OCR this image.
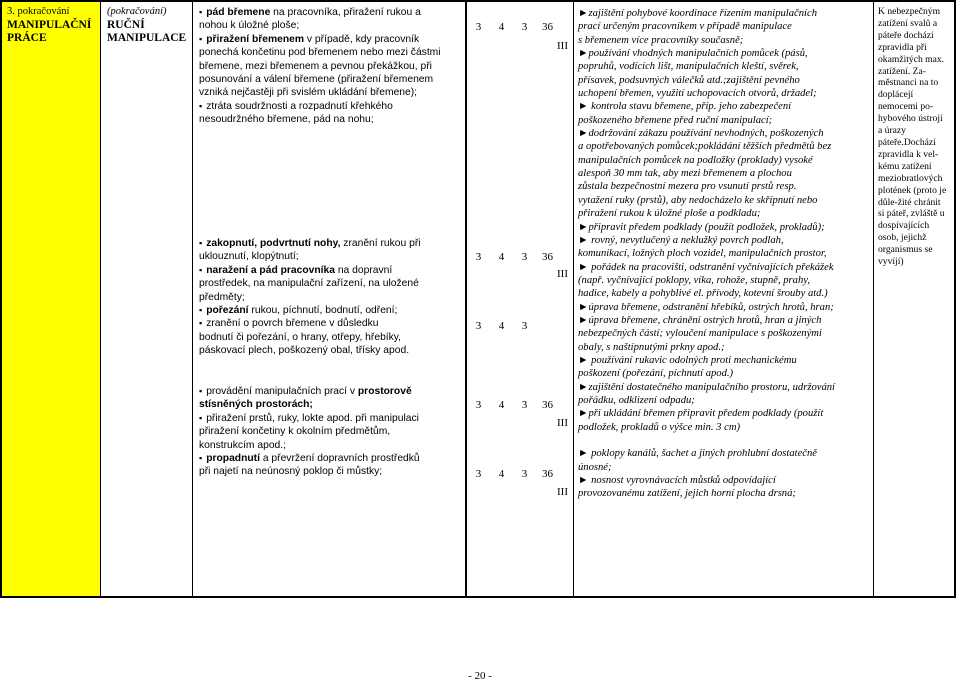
3. pokračování
MANIPULAČNÍ
PRÁCE
(pokračování)
RUČNÍ
MANIPULACE

▪ pád břemene na pracovníka, přiražení rukou a

nohou k úložné ploše;

▪ přiražení břemenem v případě, kdy pracovník

ponechá končetinu pod břemenem nebo mezi částmi

břemene, mezi břemenem a pevnou překážkou, při

posunování a válení břemene (přiražení břemenem

vzniká nejčastěji při svislém ukládání břemene);

▪ ztráta soudržnosti a rozpadnutí křehkého

nesoudržného břemene, pád na nohu;

▪ zakopnutí, podvrtnutí nohy, zranění rukou při

uklouznutí, klopýtnutí;

▪ naražení a pád pracovníka na dopravní

prostředek, na manipulační zařízení, na uložené

předměty;

▪ pořezání rukou, píchnutí, bodnutí, odření;

▪ zranění o povrch břemene v důsledku

bodnutí či pořezání, o hrany, otřepy, hřebíky,

páskovací plech, poškozený obal, třísky apod.

▪ provádění manipulačních prací v prostorově

stísněných prostorách;

▪ přiražení prstů, ruky, lokte apod. při manipulaci

přiražení končetiny k okolním předmětům,

konstrukcím apod.;

▪ propadnutí a převržení dopravních prostředků

při najetí na neúnosný poklop či můstky;

3 4 3 36
III
3 4 3 36
III
3 4 3
3 4 3 36
III
3 4 3 36
III

►zajištění pohybové koordinace řízením manipulačních

prací určeným pracovníkem v případě manipulace

s břemenem více pracovníky současně;

►používání vhodných manipulačních pomůcek (pásů,

popruhů, vodících lišt, manipulačních kleští, svěrek,

přísavek, podsuvných válečků atd.;zajištění pevného

uchopení břemen, využití uchopovacích otvorů, držadel;

► kontrola stavu břemene, příp. jeho zabezpečení

poškozeného břemene před ruční manipulací;

►dodržování zákazu používání nevhodných, poškozených

a opotřebovaných pomůcek;pokládání těžších předmětů bez

manipulačních pomůcek na podložky (proklady) vysoké

alespoň 30 mm tak, aby mezi břemenem a plochou

zůstala bezpečnostní mezera pro vsunutí prstů resp.

vytažení ruky (prstů), aby nedocházelo ke skřípnutí nebo

přiražení rukou k úložné ploše a podkladu;

►připravit předem podklady (použít podložek, prokladů);

► rovný, nevytlučený a neklužký povrch podlah,

komunikací, ložných ploch vozidel, manipulačních prostor,

► pořádek na pracovišti, odstranění vyčnívajících překážek

(např. vyčnívající poklopy, víka, rohože, stupně, prahy,

hadice, kabely a pohyblivé el. přívody, kotevní šrouby atd.)

►úprava břemene, odstranění hřebíků, ostrých hrotů, hran;

►úprava břemene, chránění ostrých hrotů, hran a jiných

nebezpečných částí; vyloučení manipulace s poškozenými

obaly, s naštípnutými prkny apod.;

► používání rukavic odolných proti mechanickému

poškození (pořezání, píchnutí apod.)

►zajištění dostatečného manipulačního prostoru, udržování

pořádku, odklizení odpadu;

►při ukládání břemen připravit předem podklady (použít

podložek, prokladů o výšce min. 3 cm)

► poklopy kanálů, šachet a jiných prohlubní dostatečně

únosné;

► nosnost vyrovnávacích můstků odpovídající

provozovanému zatížení, jejich horní plocha drsná;

K nebezpečným

zatížení svalů a

páteře dochází

zpravidla při

okamžitých max.

zatížení. Za-

městnanci na to

doplácejí

nemocemi po-

hybového ústrojí

a úrazy

páteře.Dochází

zpravidla k vel-

kému zatížení

meziobratlových

plotének (proto je

důle-žité chránit

si páteř, zvláště u

dospívajících

osob, jejichž

organismus se

vyvíjí)

- 20 -
